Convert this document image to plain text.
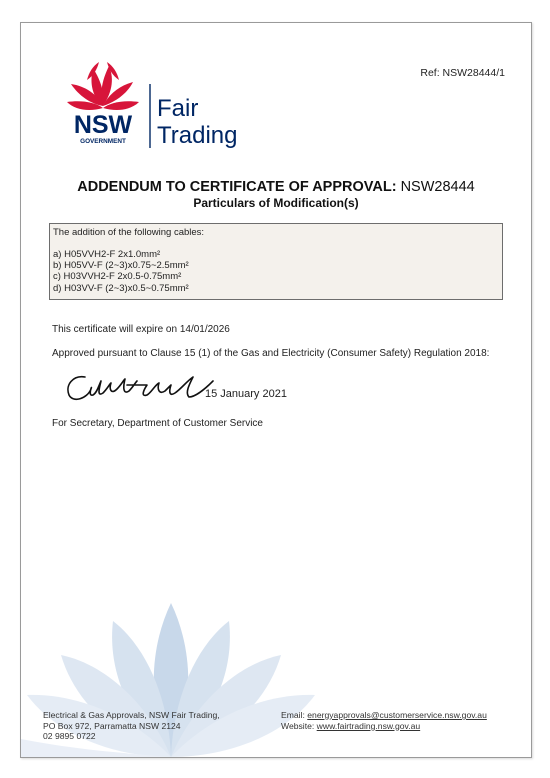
NSW
GOVERNMENT
Fair
Trading
Ref: NSW28444/1
ADDENDUM TO CERTIFICATE OF APPROVAL: NSW28444
Particulars of Modification(s)
The addition of the following cables:
a) H05VVH2-F 2x1.0mm²
b) H05VV-F (2~3)x0.75~2.5mm²
c) H03VVH2-F 2x0.5-0.75mm²
d) H03VV-F (2~3)x0.5~0.75mm²
This certificate will expire on 14/01/2026
Approved pursuant to Clause 15 (1) of the Gas and Electricity (Consumer Safety) Regulation 2018:
15 January 2021
For Secretary, Department of Customer Service
Electrical & Gas Approvals, NSW Fair Trading,
PO Box 972, Parramatta NSW 2124
02 9895 0722
Email: energyapprovals@customerservice.nsw.gov.au
Website: www.fairtrading.nsw.gov.au
